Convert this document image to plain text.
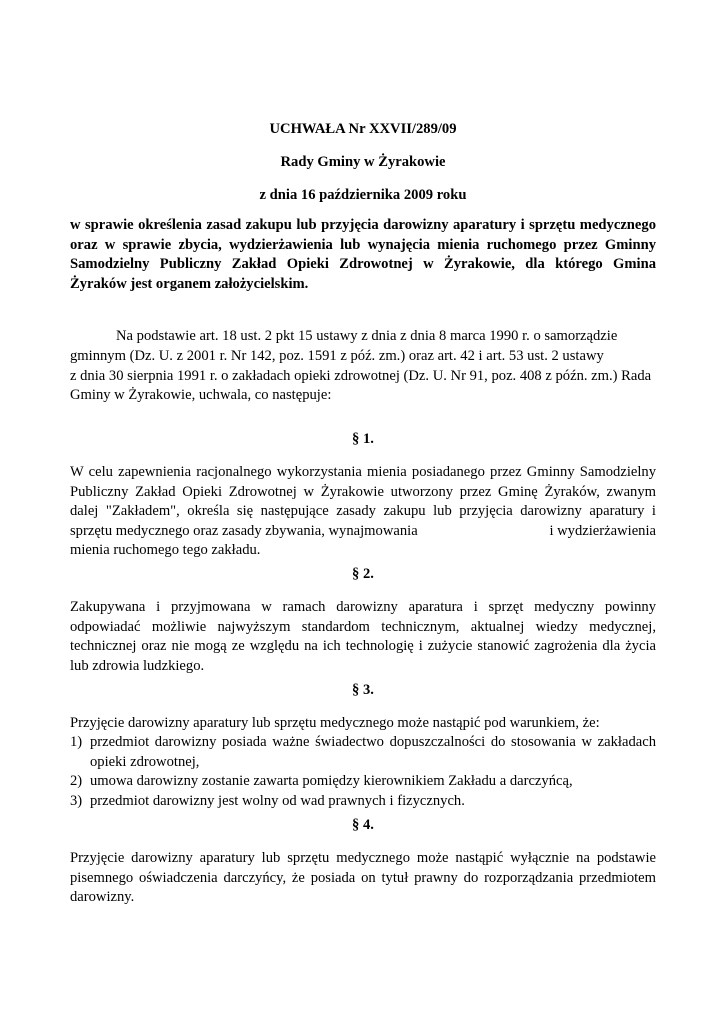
UCHWAŁA Nr XXVII/289/09

Rady Gminy w Żyrakowie

z dnia 16 października 2009 roku

w sprawie określenia zasad zakupu lub przyjęcia darowizny aparatury i sprzętu medycznego
oraz w sprawie zbycia, wydzierżawienia lub wynajęcia mienia ruchomego przez Gminny
Samodzielny Publiczny Zakład Opieki Zdrowotnej w Żyrakowie, dla którego Gmina
Żyraków jest organem założycielskim.

Na podstawie art. 18 ust. 2 pkt 15 ustawy z dnia z dnia 8 marca 1990 r. o samorządzie

gminnym (Dz. U. z 2001 r. Nr 142, poz. 1591 z póź. zm.) oraz art. 42 i art. 53 ust. 2 ustawy

z dnia 30 sierpnia 1991 r. o zakładach opieki zdrowotnej (Dz. U. Nr 91, poz. 408 z późn. zm.) Rada

Gminy w Żyrakowie, uchwala, co następuje:

§ 1.

W celu zapewnienia racjonalnego wykorzystania mienia posiadanego przez Gminny Samodzielny
Publiczny Zakład Opieki Zdrowotnej w Żyrakowie utworzony przez Gminę Żyraków, zwanym
dalej "Zakładem", określa się następujące zasady zakupu lub przyjęcia darowizny aparatury i
sprzętu medycznego oraz zasady zbywania, wynajmowania	i wydzierżawienia
mienia ruchomego tego zakładu.

§ 2.

Zakupywana i przyjmowana w ramach darowizny aparatura i sprzęt medyczny powinny
odpowiadać możliwie najwyższym standardom technicznym, aktualnej wiedzy medycznej,
technicznej oraz nie mogą ze względu na ich technologię i zużycie stanowić zagrożenia dla życia
lub zdrowia ludzkiego.

§ 3.

Przyjęcie darowizny aparatury lub sprzętu medycznego może nastąpić pod warunkiem, że:

1) przedmiot darowizny posiada ważne świadectwo dopuszczalności do stosowania w zakładach
opieki zdrowotnej,
2) umowa darowizny zostanie zawarta pomiędzy kierownikiem Zakładu a darczyńcą,
3) przedmiot darowizny jest wolny od wad prawnych i fizycznych.

§ 4.

Przyjęcie darowizny aparatury lub sprzętu medycznego może nastąpić wyłącznie na podstawie
pisemnego oświadczenia darczyńcy, że posiada on tytuł prawny do rozporządzania przedmiotem
darowizny.
